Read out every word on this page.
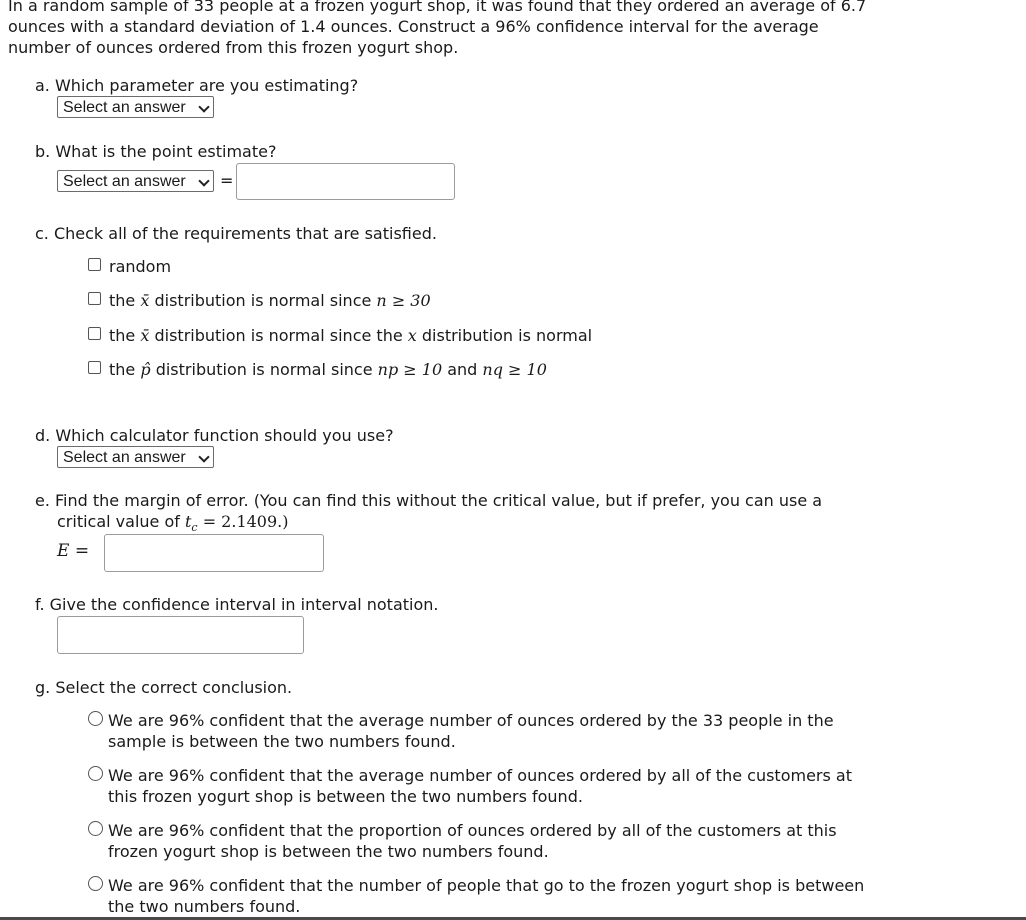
In a random sample of 33 people at a frozen yogurt shop, it was found that they ordered an average of 6.7
ounces with a standard deviation of 1.4 ounces. Construct a 96% confidence interval for the average
number of ounces ordered from this frozen yogurt shop.
a. Which parameter are you estimating?
Select an answer
b. What is the point estimate?
Select an answer	=
c. Check all of the requirements that are satisfied.
random
the x̄ distribution is normal since n ≥ 30
the x̄ distribution is normal since the x distribution is normal
the p̂ distribution is normal since np ≥ 10 and nq ≥ 10
d. Which calculator function should you use?
Select an answer
e. Find the margin of error. (You can find this without the critical value, but if prefer, you can use a
critical value of $t_c = 2.1409$.)
E =
f. Give the confidence interval in interval notation.
g. Select the correct conclusion.
We are 96% confident that the average number of ounces ordered by the 33 people in the
sample is between the two numbers found.
We are 96% confident that the average number of ounces ordered by all of the customers at
this frozen yogurt shop is between the two numbers found.
We are 96% confident that the proportion of ounces ordered by all of the customers at this
frozen yogurt shop is between the two numbers found.
We are 96% confident that the number of people that go to the frozen yogurt shop is between
the two numbers found.
